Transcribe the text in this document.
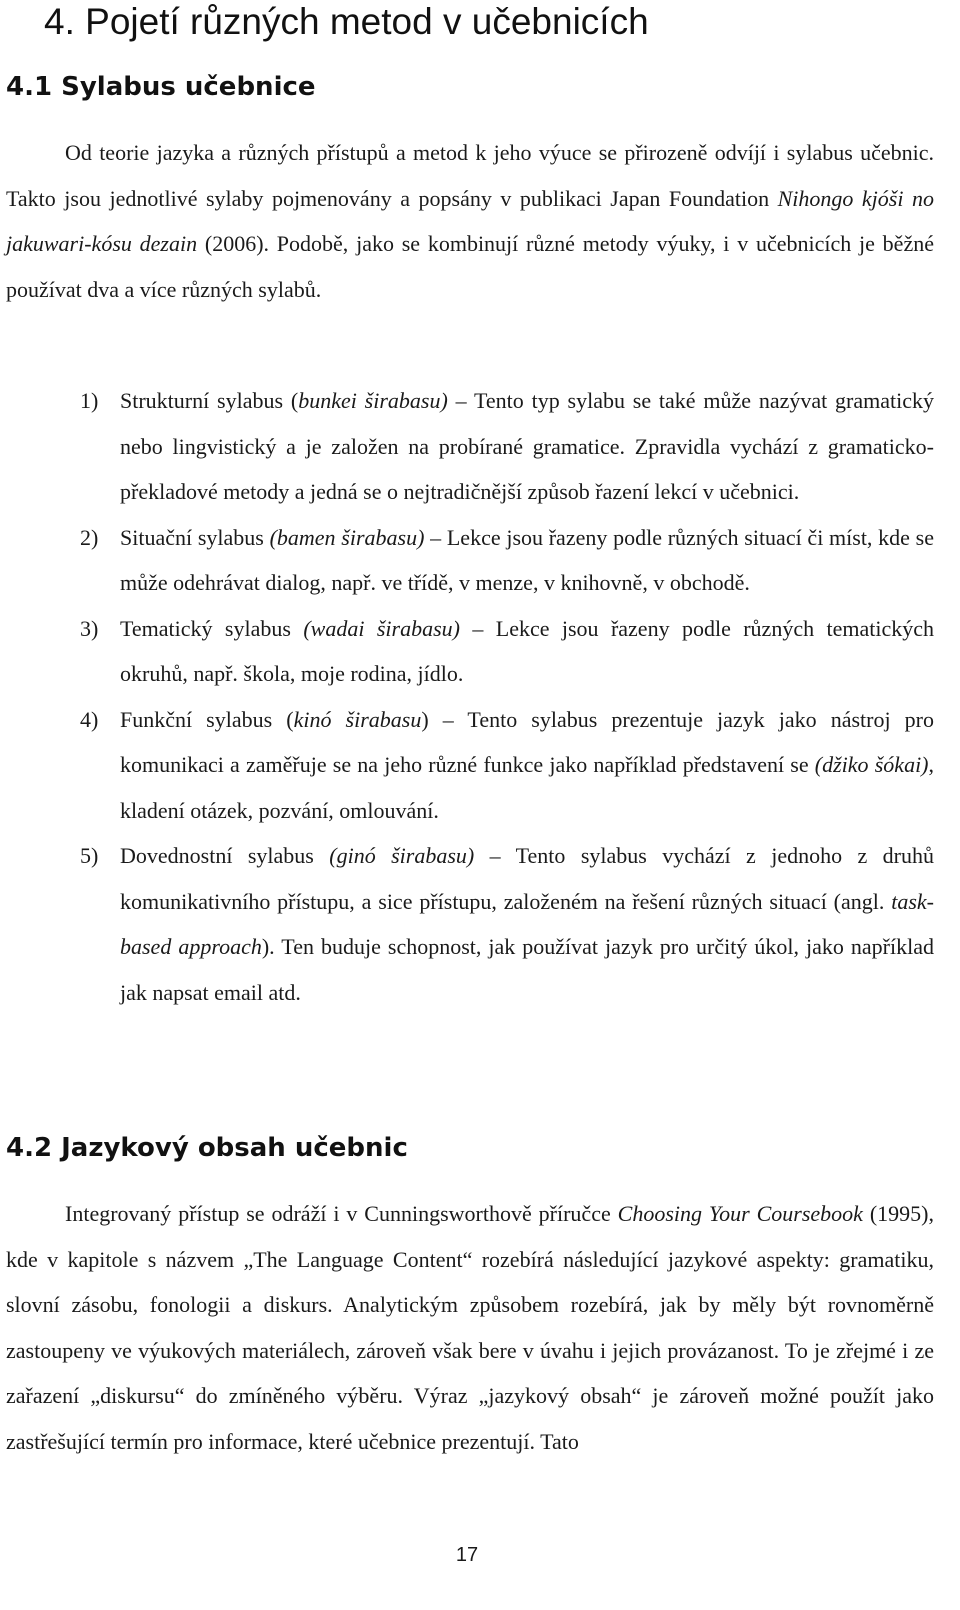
4. Pojetí různých metod v učebnicích
4.1 Sylabus učebnice

Od teorie jazyka a různých přístupů a metod k jeho výuce se přirozeně odvíjí i sylabus učebnic. Takto jsou jednotlivé sylaby pojmenovány a popsány v publikaci Japan Foundation Nihongo kjóši no jakuwari-kósu dezain (2006). Podobě, jako se kombinují různé metody výuky, i v učebnicích je běžné používat dva a více různých sylabů.

1) Strukturní sylabus (bunkei širabasu) – Tento typ sylabu se také může nazývat gramatický nebo lingvistický a je založen na probírané gramatice. Zpravidla vychází z gramaticko-překladové metody a jedná se o nejtradičnější způsob řazení lekcí v učebnici.
2) Situační sylabus (bamen širabasu) – Lekce jsou řazeny podle různých situací či míst, kde se může odehrávat dialog, např. ve třídě, v menze, v knihovně, v obchodě.
3) Tematický sylabus (wadai širabasu) – Lekce jsou řazeny podle různých tematických okruhů, např. škola, moje rodina, jídlo.
4) Funkční sylabus (kinó širabasu) – Tento sylabus prezentuje jazyk jako nástroj pro komunikaci a zaměřuje se na jeho různé funkce jako například představení se (džiko šókai), kladení otázek, pozvání, omlouvání.
5) Dovednostní sylabus (ginó širabasu) – Tento sylabus vychází z jednoho z druhů komunikativního přístupu, a sice přístupu, založeném na řešení různých situací (angl. task-based approach). Ten buduje schopnost, jak používat jazyk pro určitý úkol, jako například jak napsat email atd.
4.2 Jazykový obsah učebnic

Integrovaný přístup se odráží i v Cunningsworthově příručce Choosing Your Coursebook (1995), kde v kapitole s názvem „The Language Content“ rozebírá následující jazykové aspekty: gramatiku, slovní zásobu, fonologii a diskurs. Analytickým způsobem rozebírá, jak by měly být rovnoměrně zastoupeny ve výukových materiálech, zároveň však bere v úvahu i jejich provázanost. To je zřejmé i ze zařazení „diskursu“ do zmíněného výběru. Výraz „jazykový obsah“ je zároveň možné použít jako zastřešující termín pro informace, které učebnice prezentují. Tato

17
